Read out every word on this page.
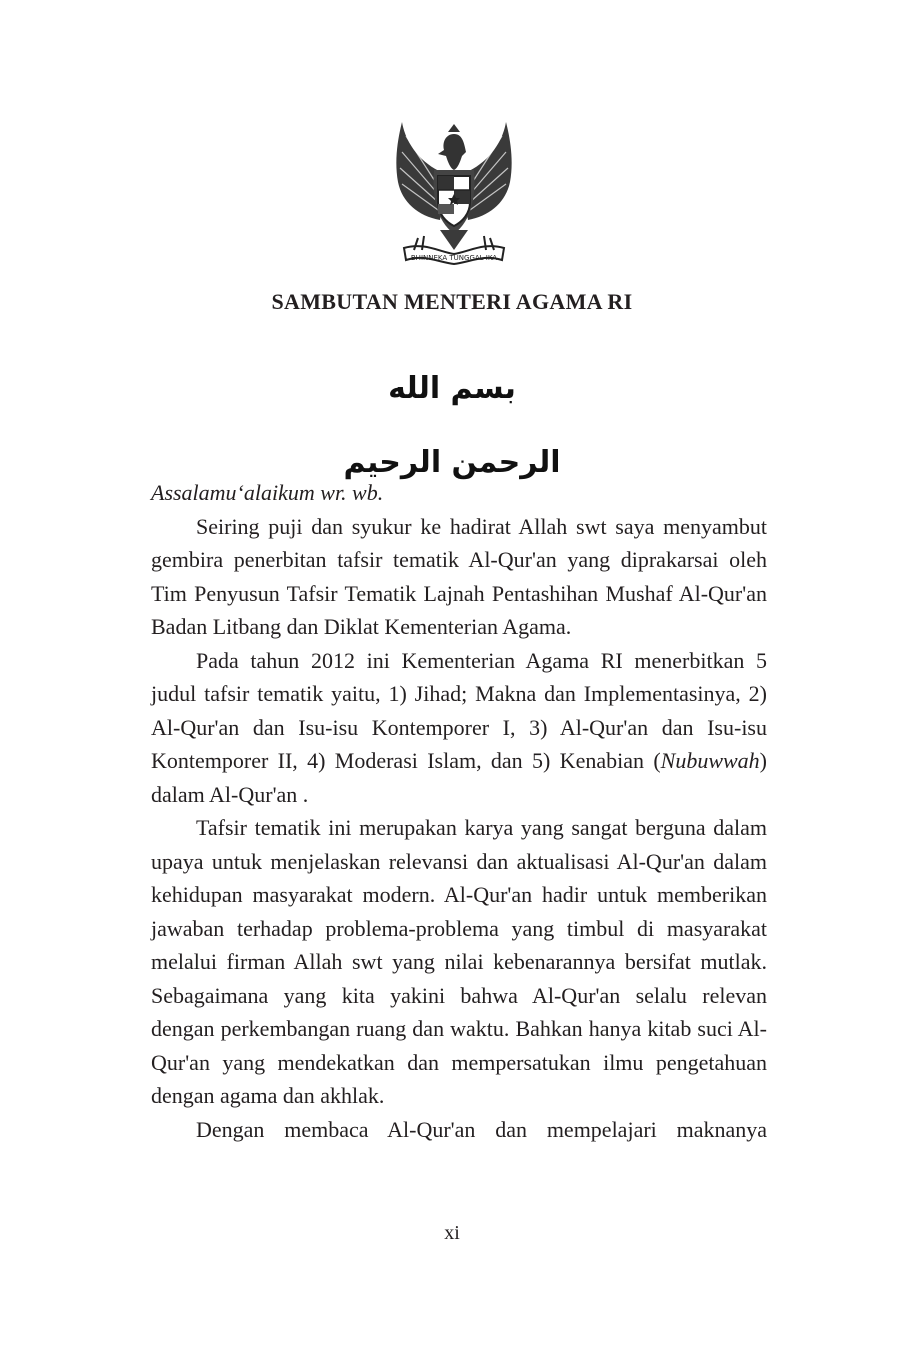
BHINNEKA TUNGGAL IKA
SAMBUTAN MENTERI AGAMA RI
بسم الله الرحمن الرحيم

Assalamu‘alaikum wr. wb.

Seiring puji dan syukur ke hadirat Allah swt saya menyambut gembira penerbitan tafsir tematik Al-Qur'an yang diprakarsai oleh Tim Penyusun Tafsir Tematik Lajnah Pentashihan Mushaf Al-Qur'an Badan Litbang dan Diklat Kementerian Agama.

Pada tahun 2012 ini Kementerian Agama RI menerbitkan 5 judul tafsir tematik yaitu, 1) Jihad; Makna dan Implementasinya, 2) Al-Qur'an dan Isu-isu Kontemporer I, 3) Al-Qur'an dan Isu-isu Kontemporer II, 4) Moderasi Islam, dan 5) Kenabian (Nubuwwah) dalam Al-Qur'an .

Tafsir tematik ini merupakan karya yang sangat berguna dalam upaya untuk menjelaskan relevansi dan aktualisasi Al-Qur'an dalam kehidupan masyarakat modern. Al-Qur'an hadir untuk memberikan jawaban terhadap problema-problema yang timbul di masyarakat melalui firman Allah swt yang nilai kebenarannya bersifat mutlak. Sebagaimana yang kita yakini bahwa Al-Qur'an selalu relevan dengan perkembangan ruang dan waktu. Bahkan hanya kitab suci Al-Qur'an yang mendekatkan dan mempersatukan ilmu pengetahuan dengan agama dan akhlak.

Dengan membaca Al-Qur'an dan mempelajari maknanya

xi
